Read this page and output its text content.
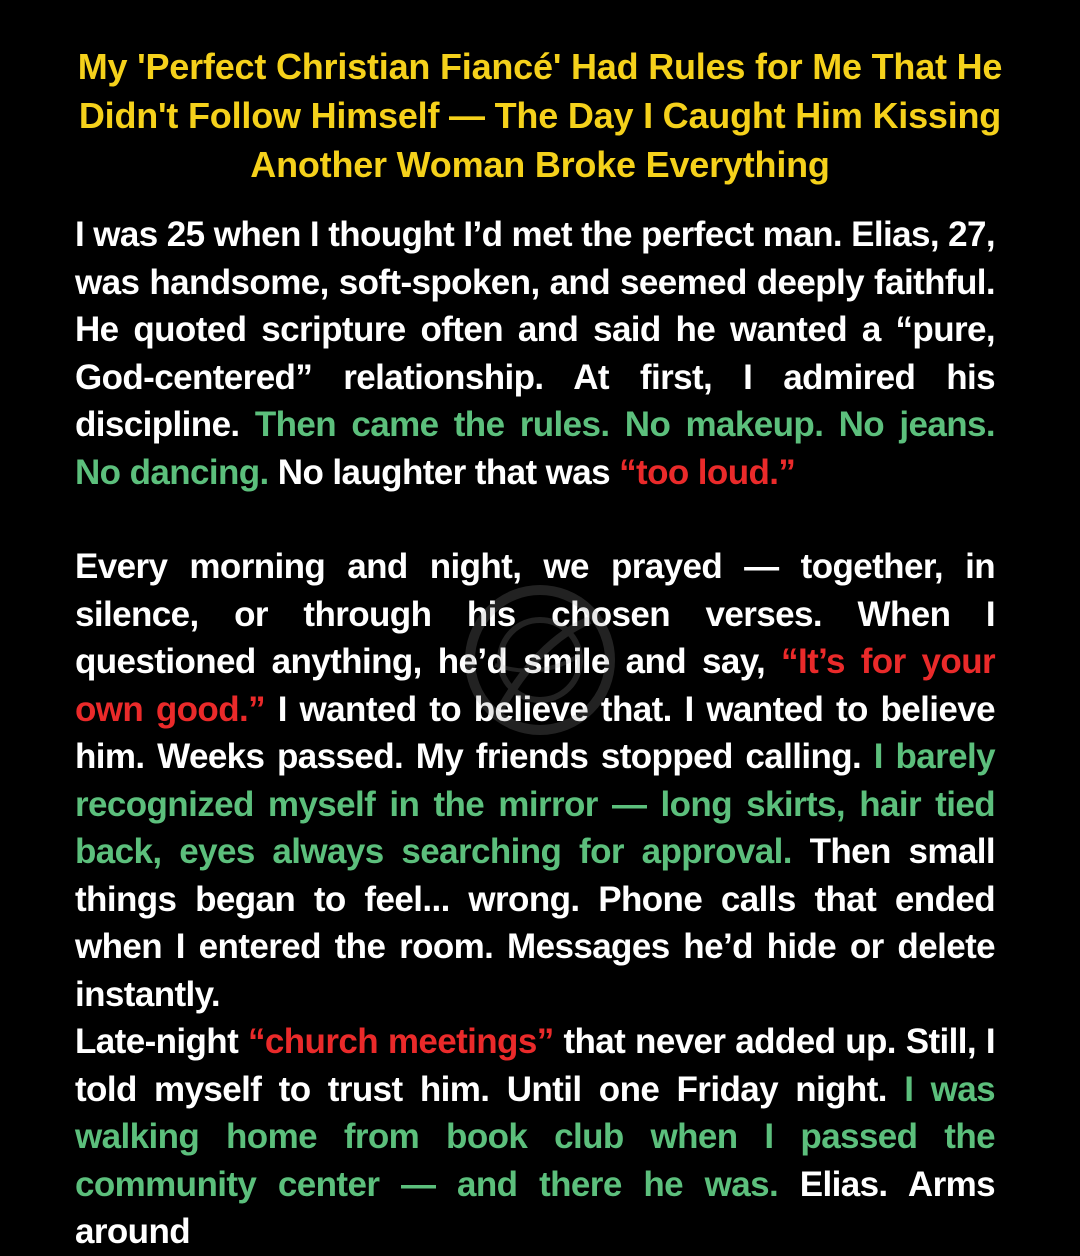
My 'Perfect Christian Fiancé' Had Rules for Me That He Didn't Follow Himself — The Day I Caught Him Kissing Another Woman Broke Everything

I was 25 when I thought I’d met the perfect man. Elias, 27, was handsome, soft-spoken, and seemed deeply faithful. He quoted scripture often and said he wanted a “pure, God-centered” relationship. At first, I admired his discipline. Then came the rules. No makeup. No jeans. No dancing. No laughter that was “too loud.”

Every morning and night, we prayed — together, in silence, or through his chosen verses. When I questioned anything, he’d smile and say, “It’s for your own good.” I wanted to believe that. I wanted to believe him. Weeks passed. My friends stopped calling. I barely recognized myself in the mirror — long skirts, hair tied back, eyes always searching for approval. Then small things began to feel... wrong. Phone calls that ended when I entered the room. Messages he’d hide or delete instantly.

Late-night “church meetings” that never added up. Still, I told myself to trust him. Until one Friday night. I was walking home from book club when I passed the community center — and there he was. Elias. Arms around
